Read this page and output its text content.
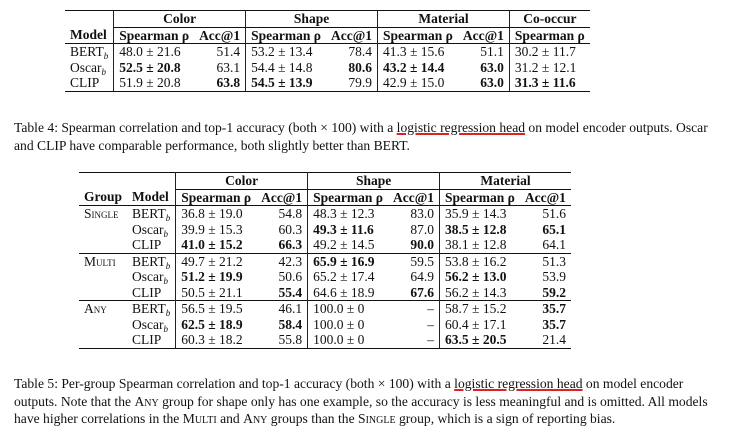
	Color		Shape		Material		Co-occur
Model	Spearman ρ	Acc@1	Spearman ρ	Acc@1	Spearman ρ	Acc@1	Spearman ρ
$BERT_b$	48.0 ± 21.6	51.4	53.2 ± 13.4	78.4	41.3 ± 15.6	51.1	30.2 ± 11.7
Oscar$_b$	52.5 ± 20.8	63.1	54.4 ± 14.8	80.6	43.2 ± 14.4	63.0	31.2 ± 12.1
CLIP	51.9 ± 20.8	63.8	54.5 ± 13.9	79.9	42.9 ± 15.0	63.0	31.3 ± 11.6
Table 4: Spearman correlation and top-1 accuracy (both × 100) with a logistic regression head on model encoder outputs. Oscar and CLIP have comparable performance, both slightly better than BERT.
		Color		Shape		Material	
Group	Model	Spearman ρ	Acc@1	Spearman ρ	Acc@1	Spearman ρ	Acc@1
Single	$BERT_b$	36.8 ± 19.0	54.8	48.3 ± 12.3	83.0	35.9 ± 14.3	51.6
	Oscar$_b$	39.9 ± 15.3	60.3	49.3 ± 11.6	87.0	38.5 ± 12.8	65.1
	CLIP	41.0 ± 15.2	66.3	49.2 ± 14.5	90.0	38.1 ± 12.8	64.1
Multi	$BERT_b$	49.7 ± 21.2	42.3	65.9 ± 16.9	59.5	53.8 ± 16.2	51.3
	Oscar$_b$	51.2 ± 19.9	50.6	65.2 ± 17.4	64.9	56.2 ± 13.0	53.9
	CLIP	50.5 ± 21.1	55.4	64.6 ± 18.9	67.6	56.2 ± 14.3	59.2
Any	$BERT_b$	56.5 ± 19.5	46.1	100.0 ± 0	–	58.7 ± 15.2	35.7
	Oscar$_b$	62.5 ± 18.9	58.4	100.0 ± 0	–	60.4 ± 17.1	35.7
	CLIP	60.3 ± 18.2	55.8	100.0 ± 0	–	63.5 ± 20.5	21.4
Table 5: Per-group Spearman correlation and top-1 accuracy (both × 100) with a logistic regression head on model encoder outputs. Note that the Any group for shape only has one example, so the accuracy is less meaningful and is omitted. All models have higher correlations in the Multi and Any groups than the Single group, which is a sign of reporting bias.
